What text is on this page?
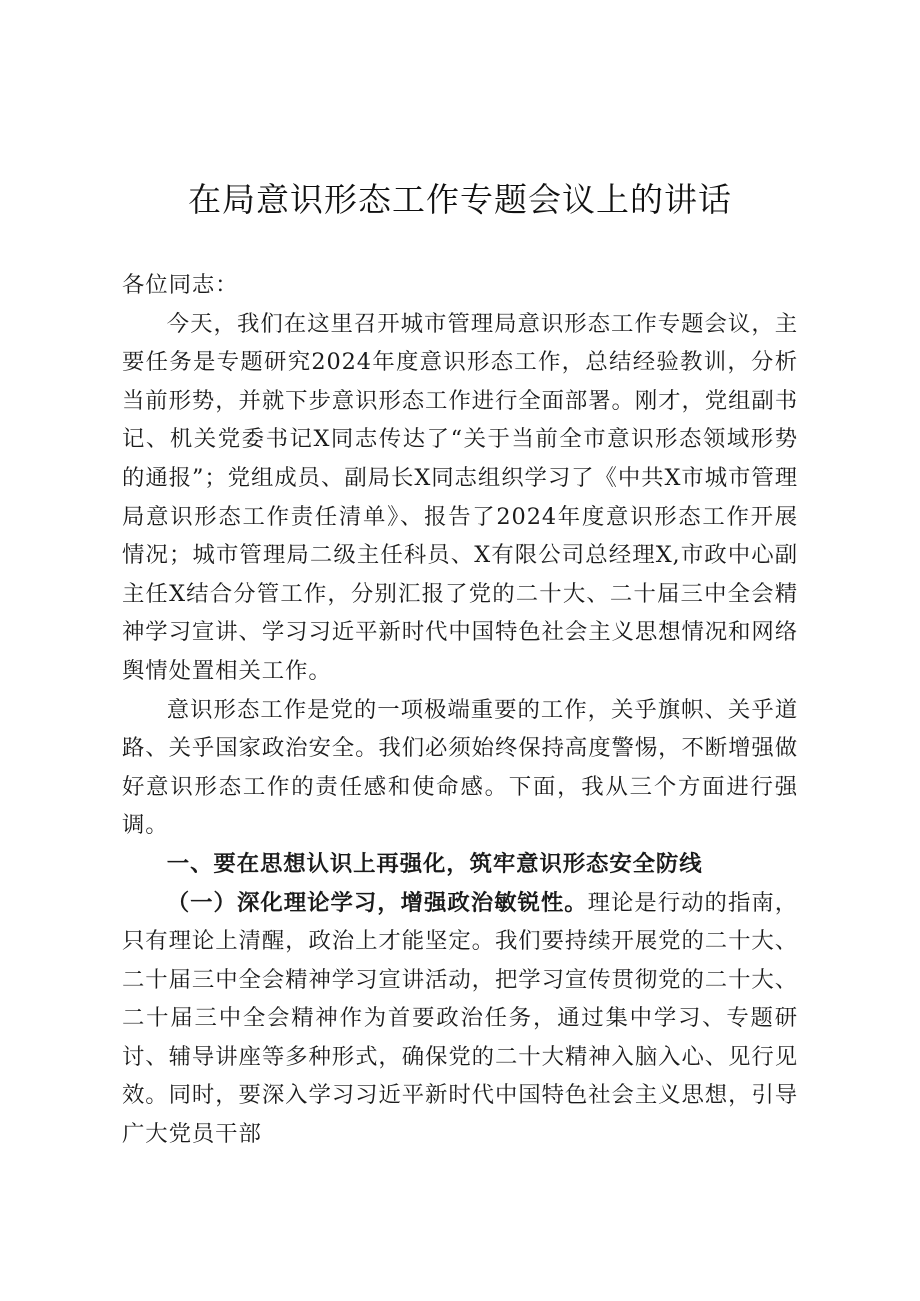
在局意识形态工作专题会议上的讲话

各位同志：

今天，我们在这里召开城市管理局意识形态工作专题会议，主要任务是专题研究2024年度意识形态工作，总结经验教训，分析当前形势，并就下步意识形态工作进行全面部署。刚才，党组副书记、机关党委书记X同志传达了“关于当前全市意识形态领域形势的通报”；党组成员、副局长X同志组织学习了《中共X市城市管理局意识形态工作责任清单》、报告了2024年度意识形态工作开展情况；城市管理局二级主任科员、X有限公司总经理X,市政中心副主任X结合分管工作，分别汇报了党的二十大、二十届三中全会精神学习宣讲、学习习近平新时代中国特色社会主义思想情况和网络舆情处置相关工作。

意识形态工作是党的一项极端重要的工作，关乎旗帜、关乎道路、关乎国家政治安全。我们必须始终保持高度警惕，不断增强做好意识形态工作的责任感和使命感。下面，我从三个方面进行强调。

一、要在思想认识上再强化，筑牢意识形态安全防线

（一）深化理论学习，增强政治敏锐性。理论是行动的指南，只有理论上清醒，政治上才能坚定。我们要持续开展党的二十大、二十届三中全会精神学习宣讲活动，把学习宣传贯彻党的二十大、二十届三中全会精神作为首要政治任务，通过集中学习、专题研讨、辅导讲座等多种形式，确保党的二十大精神入脑入心、见行见效。同时，要深入学习习近平新时代中国特色社会主义思想，引导广大党员干部
